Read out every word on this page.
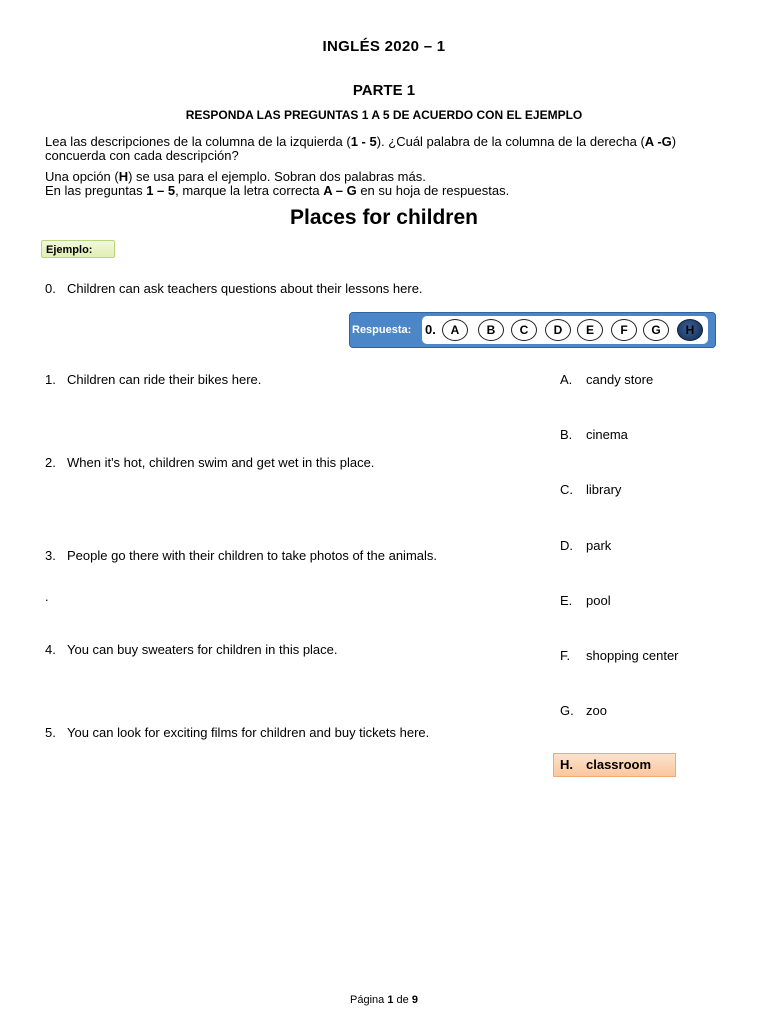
INGLÉS 2020 – 1
PARTE 1
RESPONDA LAS PREGUNTAS 1 A 5 DE ACUERDO CON EL EJEMPLO
Lea las descripciones de la columna de la izquierda (1 - 5). ¿Cuál palabra de la columna de la derecha (A -G) concuerda con cada descripción?
Una opción (H) se usa para el ejemplo. Sobran dos palabras más.
En las preguntas 1 – 5, marque la letra correcta A – G en su hoja de respuestas.
Places for children
Ejemplo:
0. Children can ask teachers questions about their lessons here.
Respuesta: 0.	A	B	C	D	E	F	G	H
1. Children can ride their bikes here.
2. When it's hot, children swim and get wet in this place.
3. People go there with their children to take photos of the animals.
.
4. You can buy sweaters for children in this place.
5. You can look for exciting films for children and buy tickets here.
A. candy store
B. cinema
C. library
D. park
E. pool
F. shopping center
G. zoo
H. classroom
Página 1 de 9
